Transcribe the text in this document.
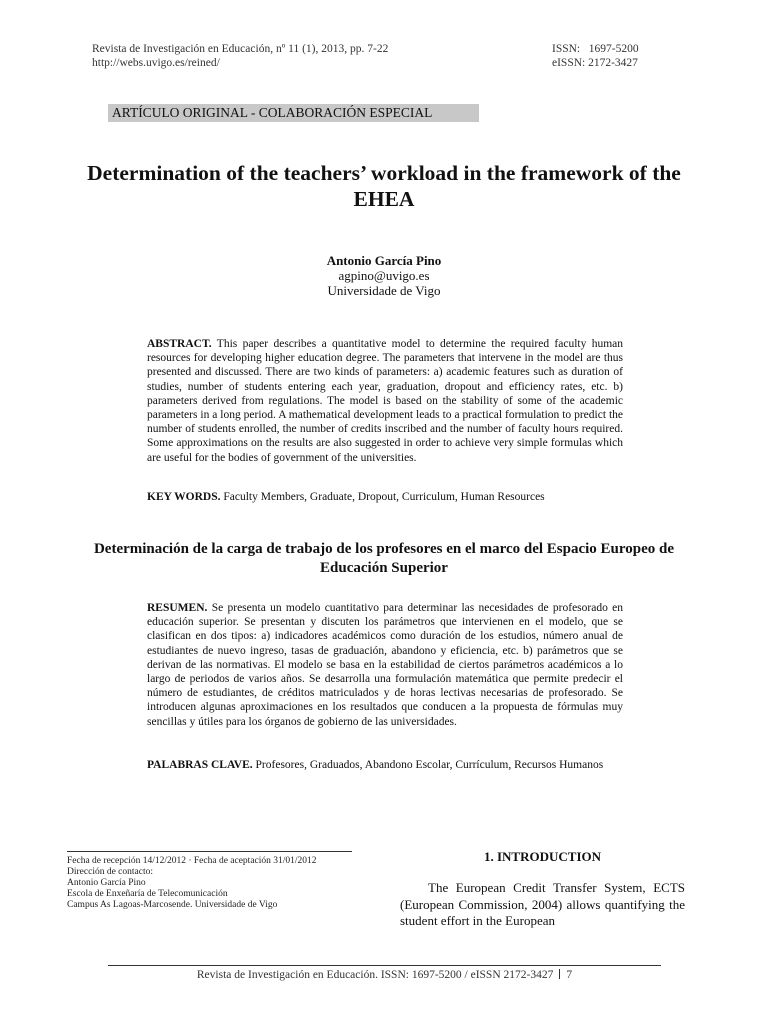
Revista de Investigación en Educación, nº 11 (1), 2013, pp. 7-22
http://webs.uvigo.es/reined/
ISSN:   1697-5200
eISSN: 2172-3427
ARTÍCULO ORIGINAL - COLABORACIÓN ESPECIAL
Determination of the teachers’ workload in the framework of the EHEA
Antonio García Pino
agpino@uvigo.es
Universidade de Vigo
ABSTRACT. This paper describes a quantitative model to determine the required faculty human resources for developing higher education degree. The parameters that intervene in the model are thus presented and discussed. There are two kinds of parameters: a) academic features such as duration of studies, number of students entering each year, graduation, dropout and efficiency rates, etc. b) parameters derived from regulations. The model is based on the stability of some of the academic parameters in a long period. A mathematical development leads to a practical formulation to predict the number of students enrolled, the number of credits inscribed and the number of faculty hours required. Some approximations on the results are also suggested in order to achieve very simple formulas which are useful for the bodies of government of the universities.
KEY WORDS. Faculty Members, Graduate, Dropout, Curriculum, Human Resources
Determinación de la carga de trabajo de los profesores en el marco del Espacio Europeo de Educación Superior
RESUMEN. Se presenta un modelo cuantitativo para determinar las necesidades de profesorado en educación superior. Se presentan y discuten los parámetros que intervienen en el modelo, que se clasifican en dos tipos: a) indicadores académicos como duración de los estudios, número anual de estudiantes de nuevo ingreso, tasas de graduación, abandono y eficiencia, etc. b) parámetros que se derivan de las normativas. El modelo se basa en la estabilidad de ciertos parámetros académicos a lo largo de periodos de varios años. Se desarrolla una formulación matemática que permite predecir el número de estudiantes, de créditos matriculados y de horas lectivas necesarias de profesorado. Se introducen algunas aproximaciones en los resultados que conducen a la propuesta de fórmulas muy sencillas y útiles para los órganos de gobierno de las universidades.
PALABRAS CLAVE. Profesores, Graduados, Abandono Escolar, Currículum, Recursos Humanos
Fecha de recepción 14/12/2012 · Fecha de aceptación 31/01/2012
Dirección de contacto:
Antonio García Pino
Escola de Enxeñaría de Telecomunicación
Campus As Lagoas-Marcosende. Universidade de Vigo
1. INTRODUCTION
The European Credit Transfer System, ECTS (European Commission, 2004) allows quantifying the student effort in the European
Revista de Investigación en Educación. ISSN: 1697-5200 / eISSN 2172-3427 7
